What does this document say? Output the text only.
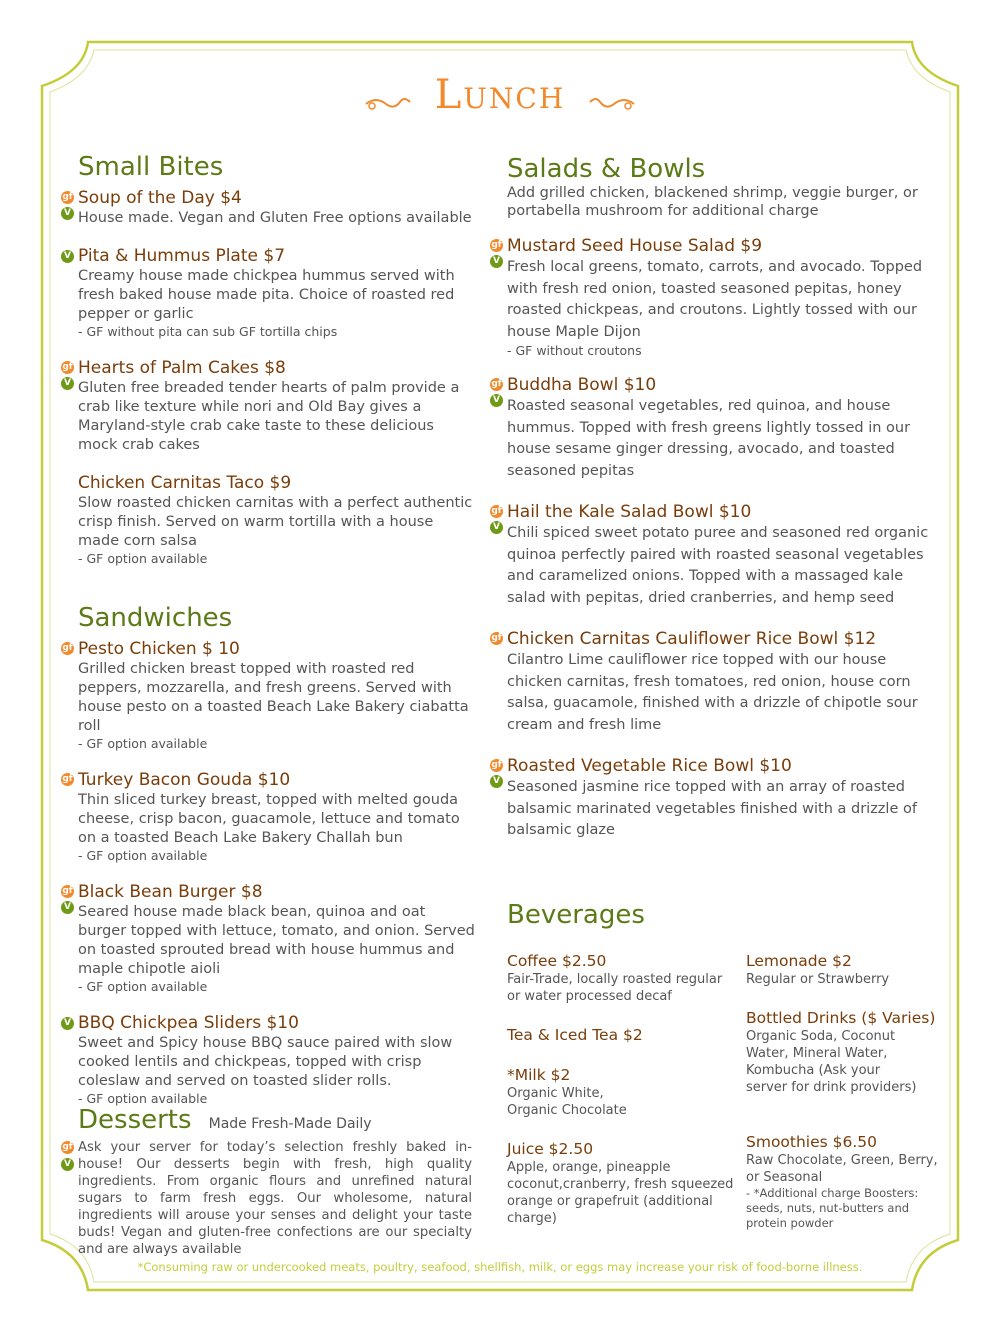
Lunch
Small Bites
gf
V
Soup of the Day $4
House made. Vegan and Gluten Free options available
V Pita & Hummus Plate $7
Creamy house made chickpea hummus served with fresh baked house made pita. Choice of roasted red pepper or garlic
- GF without pita can sub GF tortilla chips
gf
V
Hearts of Palm Cakes $8
Gluten free breaded tender hearts of palm provide a crab like texture while nori and Old Bay gives a Maryland-style crab cake taste to these delicious mock crab cakes
Chicken Carnitas Taco $9
Slow roasted chicken carnitas with a perfect authentic crisp finish. Served on warm tortilla with a house made corn salsa
- GF option available
Sandwiches
gf Pesto Chicken $ 10
Grilled chicken breast topped with roasted red peppers, mozzarella, and fresh greens. Served with house pesto on a toasted Beach Lake Bakery ciabatta roll
- GF option available
gf Turkey Bacon Gouda $10
Thin sliced turkey breast, topped with melted gouda cheese, crisp bacon, guacamole, lettuce and tomato on a toasted Beach Lake Bakery Challah bun
- GF option available
gf
V
Black Bean Burger $8
Seared house made black bean, quinoa and oat burger topped with lettuce, tomato, and onion. Served on toasted sprouted bread with house hummus and maple chipotle aioli
- GF option available
V BBQ Chickpea Sliders $10
Sweet and Spicy house BBQ sauce paired with slow cooked lentils and chickpeas, topped with crisp coleslaw and served on toasted slider rolls.
- GF option available
Desserts Made Fresh-Made Daily
gf
V
Ask your server for today’s selection freshly baked in-house! Our desserts begin with fresh, high quality ingredients. From organic flours and unrefined natural sugars to farm fresh eggs. Our wholesome, natural ingredients will arouse your senses and delight your taste buds! Vegan and gluten-free confections are our specialty and are always available
Salads & Bowls
Add grilled chicken, blackened shrimp, veggie burger, or portabella mushroom for additional charge
gf
V
Mustard Seed House Salad $9
Fresh local greens, tomato, carrots, and avocado. Topped with fresh red onion, toasted seasoned pepitas, honey roasted chickpeas, and croutons. Lightly tossed with our house Maple Dijon
- GF without croutons
gf
V
Buddha Bowl $10
Roasted seasonal vegetables, red quinoa, and house hummus. Topped with fresh greens lightly tossed in our house sesame ginger dressing, avocado, and toasted seasoned pepitas
gf
V
Hail the Kale Salad Bowl $10
Chili spiced sweet potato puree and seasoned red organic quinoa perfectly paired with roasted seasonal vegetables and caramelized onions. Topped with a massaged kale salad with pepitas, dried cranberries, and hemp seed
gf Chicken Carnitas Cauliflower Rice Bowl $12
Cilantro Lime cauliflower rice topped with our house chicken carnitas, fresh tomatoes, red onion, house corn salsa, guacamole, finished with a drizzle of chipotle sour cream and fresh lime
gf
V
Roasted Vegetable Rice Bowl $10
Seasoned jasmine rice topped with an array of roasted balsamic marinated vegetables finished with a drizzle of balsamic glaze
Beverages
Coffee $2.50
Fair-Trade, locally roasted regular or water processed decaf
Tea & Iced Tea $2
*Milk $2
Organic White, Organic Chocolate
Juice $2.50
Apple, orange, pineapple coconut,cranberry, fresh squeezed orange or grapefruit (additional charge)
Lemonade $2
Regular or Strawberry
Bottled Drinks ($ Varies)
Organic Soda, Coconut Water, Mineral Water, Kombucha (Ask your server for drink providers)
Smoothies $6.50
Raw Chocolate, Green, Berry, or Seasonal
- *Additional charge Boosters: seeds, nuts, nut-butters and protein powder
*Consuming raw or undercooked meats, poultry, seafood, shellfish, milk, or eggs may increase your risk of food-borne illness.
